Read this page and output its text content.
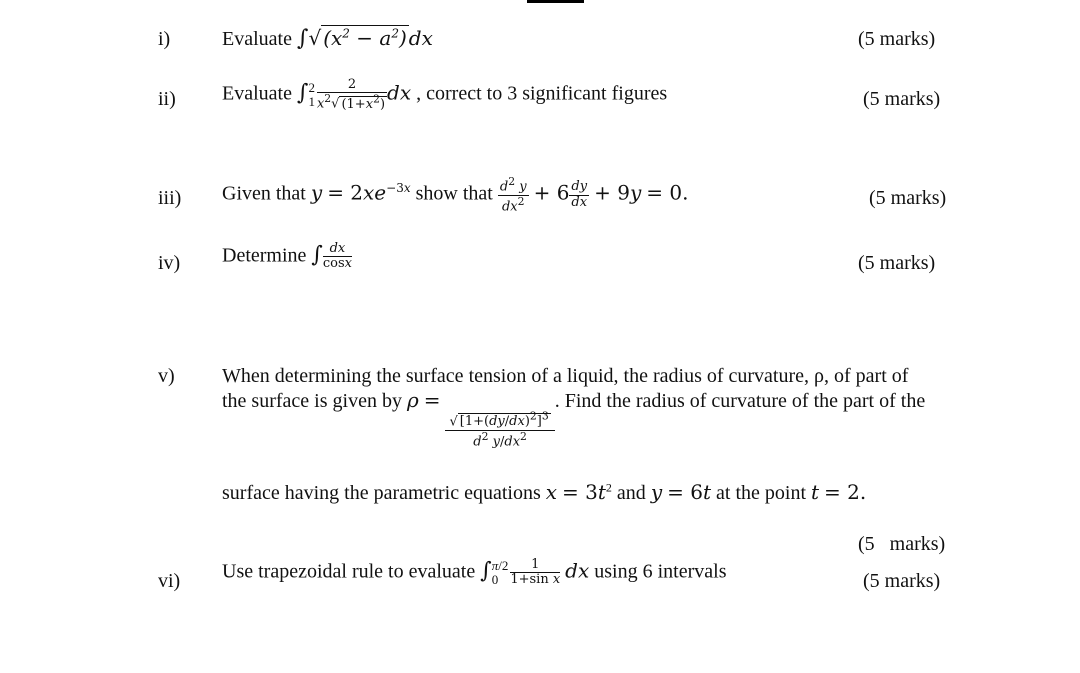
i)	Evaluate ∫√ $(x^2 - a^2)$ dx	(5 marks)
ii) Evaluate ∫2
$1 \frac{2}{x^2√ (1+x^2)}$ dx , correct to 3 significant figures	(5 marks)
iii) Given that $y = 2xe^{-3x}$ show that $\frac{d^2 y}{dx^2} + 6 \frac{dy}{dx} + 9y = 0$.	(5 marks)
iv) Determine ∫ $\frac{dx}{\cos x}$	(5 marks)
v) When determining the surface tension of a liquid, the radius of curvature, ρ, of part of
the surface is given by ρ =
$\frac{√ [1+(dy/dx)^2]^3}{d^2 y/dx^2}$
. Find the radius of curvature of the part of the
surface having the parametric equations $x = 3t^2$ and y = 6t at the point t = 2.
(5   marks)
vi) Use trapezoidal rule to evaluate ∫π/2
$0 \frac{1}{\text{1+sin x}}$ dx using 6 intervals	(5 marks)
